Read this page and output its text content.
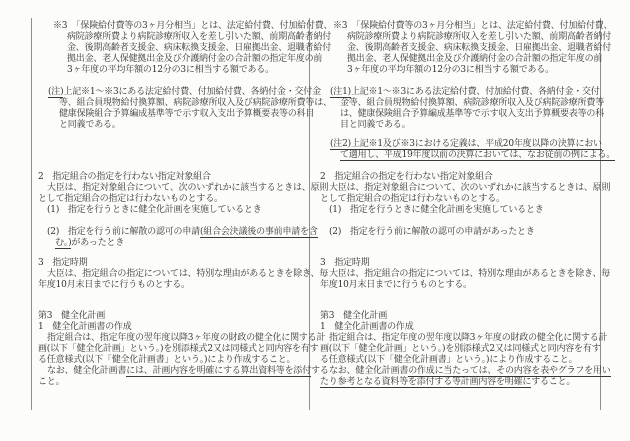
※3　「保険給付費等の3ヶ月分相当」とは、法定給付費、付加給付費、
病院診療所費より病院診療所収入を差し引いた額、前期高齢者納付
金、後期高齢者支援金、病床転換支援金、日雇拠出金、退職者給付
拠出金、老人保健拠出金及び介護納付金の合計額の指定年度の前
3ヶ年度の平均年額の12分の3に相当する額である。
(注)上記※1～※3にある法定給付費、付加給付費、各納付金・交付金
等、組合員現物給付換算額、病院診療所収入及び病院診療所費等は、
健康保険組合予算編成基準等で示す収入支出予算概要表等の科目
と同義である。
2　指定組合の指定を行わない指定対象組合
大臣は、指定対象組合について、次のいずれかに該当するときは、原則
として指定組合の指定は行わないものとする。
(1)　指定を行うときに健全化計画を実施しているとき
(2)　指定を行う前に解散の認可の申請(組合会決議後の事前申請を含
む。)があったとき
3　指定時期
大臣は、指定組合の指定については、特別な理由があるときを除き、毎
年度10月末日までに行うものとする。
第3　健全化計画
1　健全化計画書の作成
指定組合は、指定年度の翌年度以降3ヶ年度の財政の健全化に関する計
画(以下「健全化計画」という。)を別添様式2又は同様式と同内容を有す
る任意様式(以下「健全化計画書」という。)により作成すること。
なお、健全化計画書には、計画内容を明確にする算出資料等を添付する
こと。
※3　「保険給付費等の3ヶ月分相当」とは、法定給付費、付加給付費、
病院診療所費より病院診療所収入を差し引いた額、前期高齢者納付
金、後期高齢者支援金、病床転換支援金、日雇拠出金、退職者給付
拠出金、老人保健拠出金及び介護納付金の合計額の指定年度の前
3ヶ年度の平均年額の12分の3に相当する額である。
(注1)上記※1～※3にある法定給付費、付加給付費、各納付金・交付
金等、組合員現物給付換算額、病院診療所収入及び病院診療所費等
は、健康保険組合予算編成基準等で示す収入支出予算概要表等の科
目と同義である。
(注2)上記※1及び※3における定義は、平成20年度以降の決算におい
て適用し、平成19年度以前の決算においては、なお従前の例による。
2　指定組合の指定を行わない指定対象組合
大臣は、指定対象組合について、次のいずれかに該当するときは、原則
として指定組合の指定は行わないものとする。
(1)　指定を行うときに健全化計画を実施しているとき
(2)　指定を行う前に解散の認可の申請があったとき
3　指定時期
大臣は、指定組合の指定については、特別な理由があるときを除き、毎
年度10月末日までに行うものとする。
第3　健全化計画
1　健全化計画書の作成
指定組合は、指定年度の翌年度以降3ヶ年度の財政の健全化に関する計
画(以下「健全化計画」という。)を別添様式2又は同様式と同内容を有す
る任意様式(以下「健全化計画書」という。)により作成すること。
なお、健全化計画書の作成に当たっては、その内容を表やグラフを用い
たり参考となる資料等を添付する等計画内容を明確にすること。
